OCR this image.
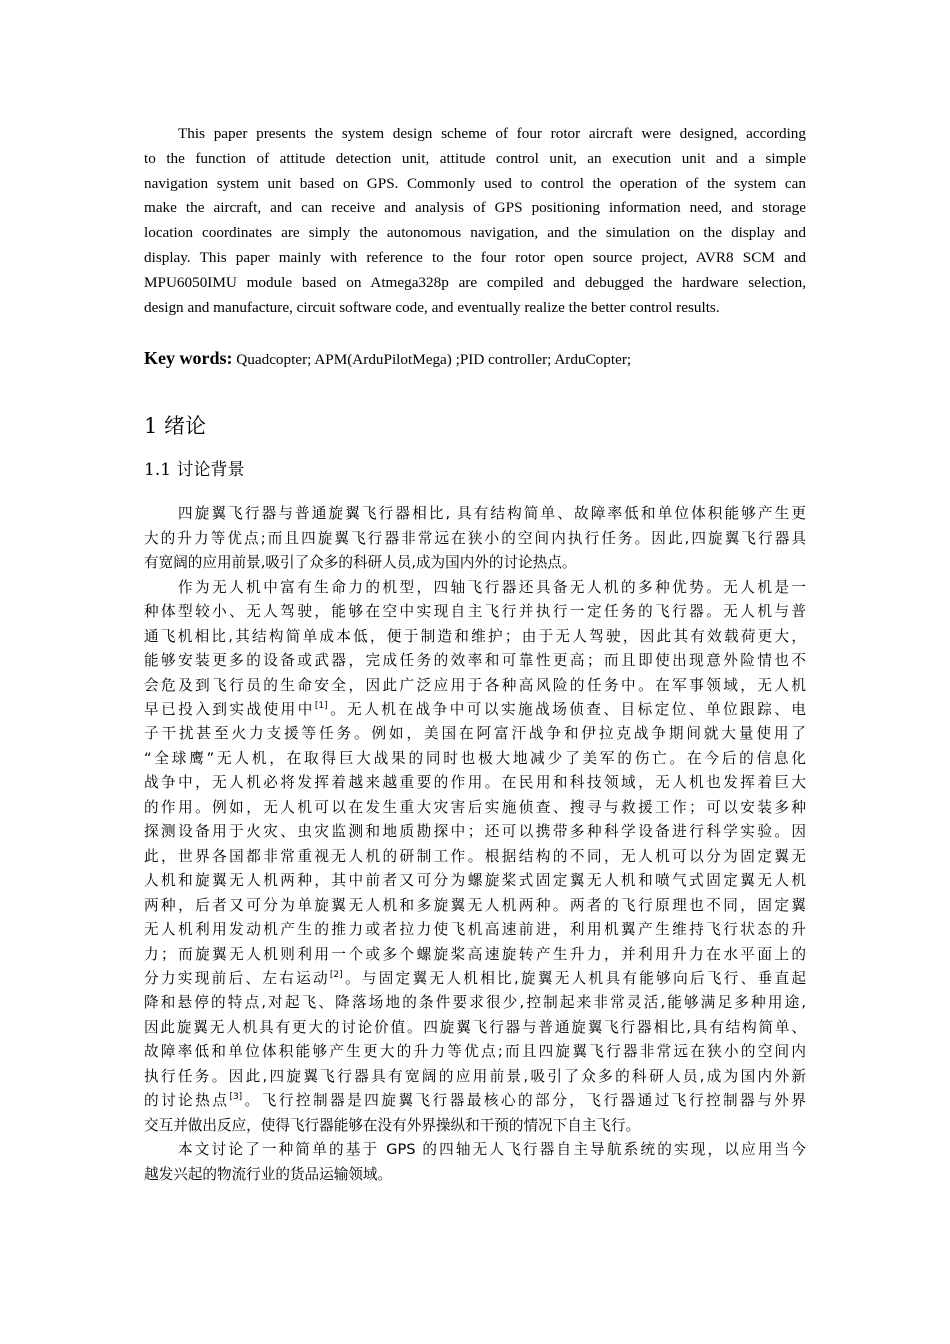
This paper presents the system design scheme of four rotor aircraft were designed, according
to the function of attitude detection unit, attitude control unit, an execution unit and a simple
navigation system unit based on GPS. Commonly used to control the operation of the system can
make the aircraft, and can receive and analysis of GPS positioning information need, and storage
location coordinates are simply the autonomous navigation, and the simulation on the display and
display. This paper mainly with reference to the four rotor open source project, AVR8 SCM and
MPU6050IMU module based on Atmega328p are compiled and debugged the hardware selection,
design and manufacture, circuit software code, and eventually realize the better control results.
Key words: Quadcopter; APM(ArduPilotMega) ;PID controller; ArduCopter;
1 绪论
1.1 讨论背景
四旋翼飞行器与普通旋翼飞行器相比, 具有结构简单、故障率低和单位体积能够产生更
大的升力等优点;而且四旋翼飞行器非常远在狭小的空间内执行任务。因此,四旋翼飞行器具
有宽阔的应用前景,吸引了众多的科研人员,成为国内外的讨论热点。
作为无人机中富有生命力的机型，四轴飞行器还具备无人机的多种优势。无人机是一
种体型较小、无人驾驶，能够在空中实现自主飞行并执行一定任务的飞行器。无人机与普
通飞机相比,其结构简单成本低，便于制造和维护；由于无人驾驶，因此其有效载荷更大，
能够安装更多的设备或武器，完成任务的效率和可靠性更高；而且即使出现意外险情也不
会危及到飞行员的生命安全，因此广泛应用于各种高风险的任务中。在军事领域，无人机
早已投入到实战使用中[1]。无人机在战争中可以实施战场侦查、目标定位、单位跟踪、电
子干扰甚至火力支援等任务。例如，美国在阿富汗战争和伊拉克战争期间就大量使用了
“全球鹰”无人机，在取得巨大战果的同时也极大地减少了美军的伤亡。在今后的信息化
战争中，无人机必将发挥着越来越重要的作用。在民用和科技领域，无人机也发挥着巨大
的作用。例如，无人机可以在发生重大灾害后实施侦查、搜寻与救援工作；可以安装多种
探测设备用于火灾、虫灾监测和地质勘探中；还可以携带多种科学设备进行科学实验。因
此，世界各国都非常重视无人机的研制工作。根据结构的不同，无人机可以分为固定翼无
人机和旋翼无人机两种，其中前者又可分为螺旋桨式固定翼无人机和喷气式固定翼无人机
两种，后者又可分为单旋翼无人机和多旋翼无人机两种。两者的飞行原理也不同，固定翼
无人机利用发动机产生的推力或者拉力使飞机高速前进，利用机翼产生维持飞行状态的升
力；而旋翼无人机则利用一个或多个螺旋桨高速旋转产生升力，并利用升力在水平面上的
分力实现前后、左右运动[2]。与固定翼无人机相比,旋翼无人机具有能够向后飞行、垂直起
降和悬停的特点,对起飞、降落场地的条件要求很少,控制起来非常灵活,能够满足多种用途,
因此旋翼无人机具有更大的讨论价值。四旋翼飞行器与普通旋翼飞行器相比,具有结构简单、
故障率低和单位体积能够产生更大的升力等优点;而且四旋翼飞行器非常远在狭小的空间内
执行任务。因此,四旋翼飞行器具有宽阔的应用前景,吸引了众多的科研人员,成为国内外新
的讨论热点[3]。飞行控制器是四旋翼飞行器最核心的部分，飞行器通过飞行控制器与外界
交互并做出反应，使得飞行器能够在没有外界操纵和干预的情况下自主飞行。
本文讨论了一种简单的基于 GPS 的四轴无人飞行器自主导航系统的实现，以应用当今
越发兴起的物流行业的货品运输领域。
